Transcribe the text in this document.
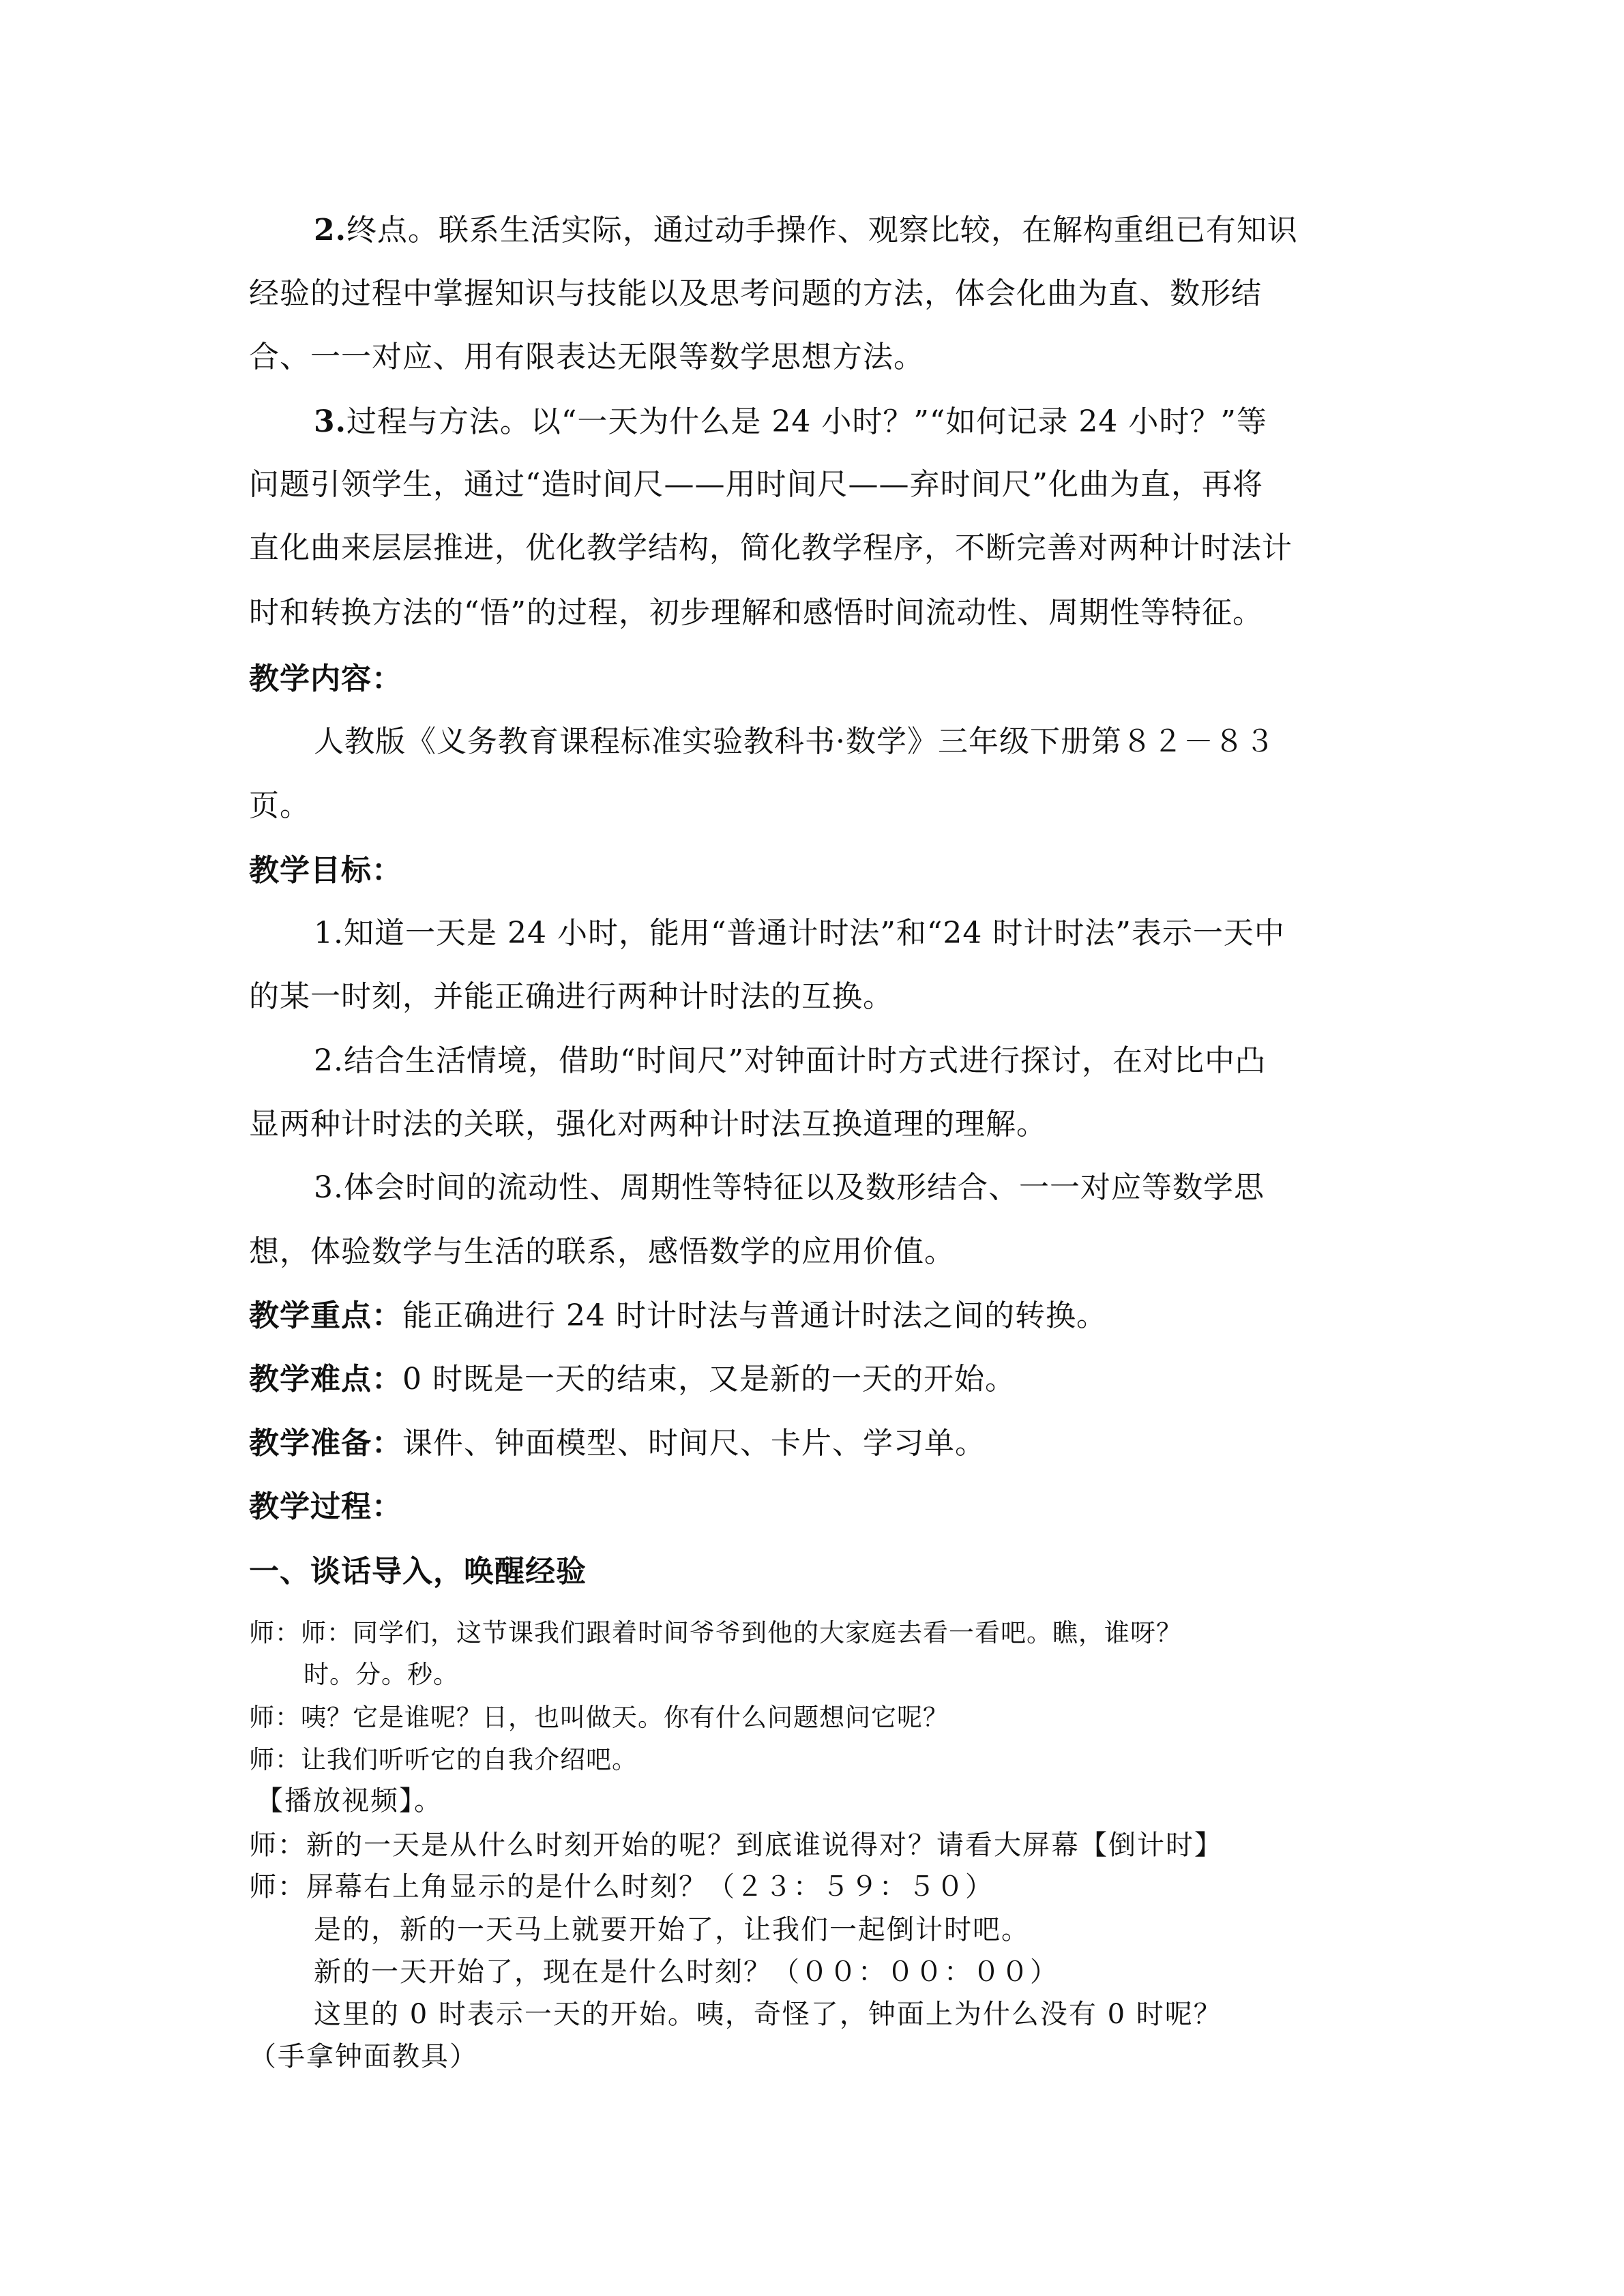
2.终点。联系生活实际，通过动手操作、观察比较，在解构重组已有知识
经验的过程中掌握知识与技能以及思考问题的方法，体会化曲为直、数形结
合、一一对应、用有限表达无限等数学思想方法。
3.过程与方法。以“一天为什么是 24 小时？”“如何记录 24 小时？”等
问题引领学生，通过“造时间尺——用时间尺——弃时间尺”化曲为直，再将
直化曲来层层推进，优化教学结构，简化教学程序，不断完善对两种计时法计
时和转换方法的“悟”的过程，初步理解和感悟时间流动性、周期性等特征。
教学内容：
人教版《义务教育课程标准实验教科书·数学》三年级下册第８２－８３
页。
教学目标：
1.知道一天是 24 小时，能用“普通计时法”和“24 时计时法”表示一天中
的某一时刻，并能正确进行两种计时法的互换。
2.结合生活情境，借助“时间尺”对钟面计时方式进行探讨，在对比中凸
显两种计时法的关联，强化对两种计时法互换道理的理解。
3.体会时间的流动性、周期性等特征以及数形结合、一一对应等数学思
想，体验数学与生活的联系，感悟数学的应用价值。
教学重点：能正确进行 24 时计时法与普通计时法之间的转换。
教学难点：0 时既是一天的结束，又是新的一天的开始。
教学准备：课件、钟面模型、时间尺、卡片、学习单。
教学过程：
一、谈话导入，唤醒经验
师：师：同学们，这节课我们跟着时间爷爷到他的大家庭去看一看吧。瞧，谁呀？
时。分。秒。
师：咦？它是谁呢？日，也叫做天。你有什么问题想问它呢？
师：让我们听听它的自我介绍吧。
【播放视频】。
师：新的一天是从什么时刻开始的呢？到底谁说得对？请看大屏幕【倒计时】
师：屏幕右上角显示的是什么时刻？（２３：５９：５０）
是的，新的一天马上就要开始了，让我们一起倒计时吧。
新的一天开始了，现在是什么时刻？（００：００：００）
这里的 0 时表示一天的开始。咦，奇怪了，钟面上为什么没有 0 时呢？
（手拿钟面教具）
